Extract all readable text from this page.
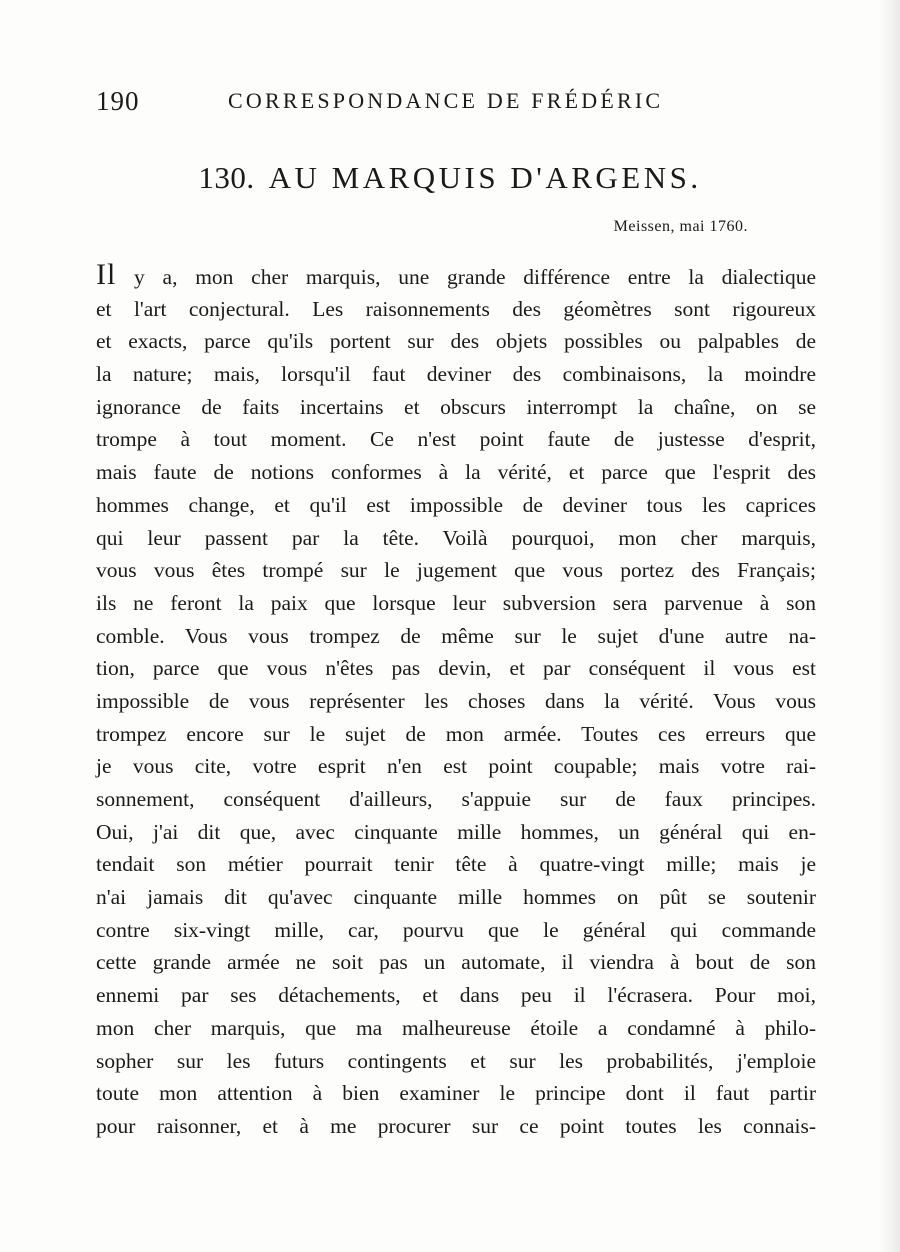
190	CORRESPONDANCE DE FRÉDÉRIC
130. AU MARQUIS D'ARGENS.
Meissen, mai 1760.
Il y a, mon cher marquis, une grande différence entre la dialectique
et l'art conjectural. Les raisonnements des géomètres sont rigoureux
et exacts, parce qu'ils portent sur des objets possibles ou palpables de
la nature; mais, lorsqu'il faut deviner des combinaisons, la moindre
ignorance de faits incertains et obscurs interrompt la chaîne, on se
trompe à tout moment. Ce n'est point faute de justesse d'esprit,
mais faute de notions conformes à la vérité, et parce que l'esprit des
hommes change, et qu'il est impossible de deviner tous les caprices
qui leur passent par la tête. Voilà pourquoi, mon cher marquis,
vous vous êtes trompé sur le jugement que vous portez des Français;
ils ne feront la paix que lorsque leur subversion sera parvenue à son
comble. Vous vous trompez de même sur le sujet d'une autre na-
tion, parce que vous n'êtes pas devin, et par conséquent il vous est
impossible de vous représenter les choses dans la vérité. Vous vous
trompez encore sur le sujet de mon armée. Toutes ces erreurs que
je vous cite, votre esprit n'en est point coupable; mais votre rai-
sonnement, conséquent d'ailleurs, s'appuie sur de faux principes.
Oui, j'ai dit que, avec cinquante mille hommes, un général qui en-
tendait son métier pourrait tenir tête à quatre-vingt mille; mais je
n'ai jamais dit qu'avec cinquante mille hommes on pût se soutenir
contre six-vingt mille, car, pourvu que le général qui commande
cette grande armée ne soit pas un automate, il viendra à bout de son
ennemi par ses détachements, et dans peu il l'écrasera. Pour moi,
mon cher marquis, que ma malheureuse étoile a condamné à philo-
sopher sur les futurs contingents et sur les probabilités, j'emploie
toute mon attention à bien examiner le principe dont il faut partir
pour raisonner, et à me procurer sur ce point toutes les connais-
